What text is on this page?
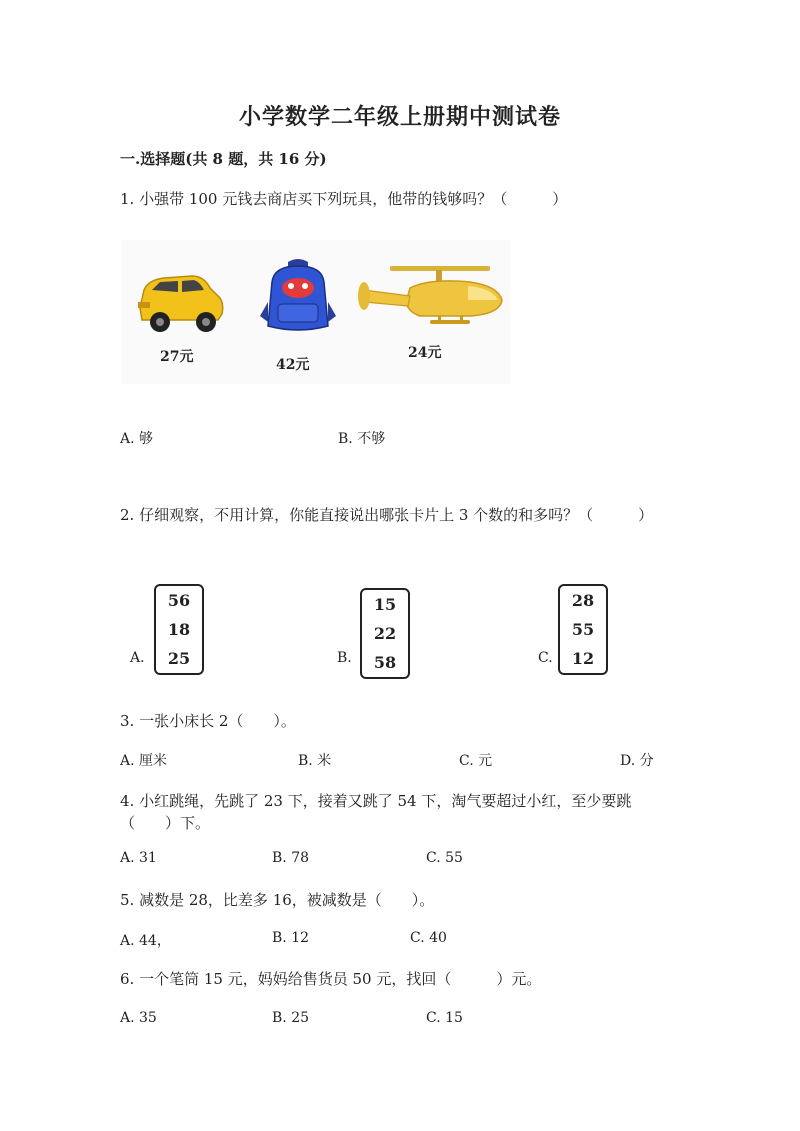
小学数学二年级上册期中测试卷
一.选择题(共 8 题，共 16 分)
1. 小强带 100 元钱去商店买下列玩具，他带的钱够吗？（　　　）
27元	42元
24元
A. 够	B. 不够
2. 仔细观察，不用计算，你能直接说出哪张卡片上 3 个数的和多吗？（　　　）
A.
56
18
25	B.
15
22
58	C.
28
55
12
3. 一张小床长 2（　　）。
A. 厘米	B. 米	C. 元	D. 分
4. 小红跳绳，先跳了 23 下，接着又跳了 54 下，淘气要超过小红，至少要跳
（　　）下。
A. 31	B. 78	C. 55
5. 减数是 28，比差多 16，被减数是（　　）。
A. 44，	B. 12	C. 40
6. 一个笔筒 15 元，妈妈给售货员 50 元，找回（　　　）元。
A. 35	B. 25	C. 15
